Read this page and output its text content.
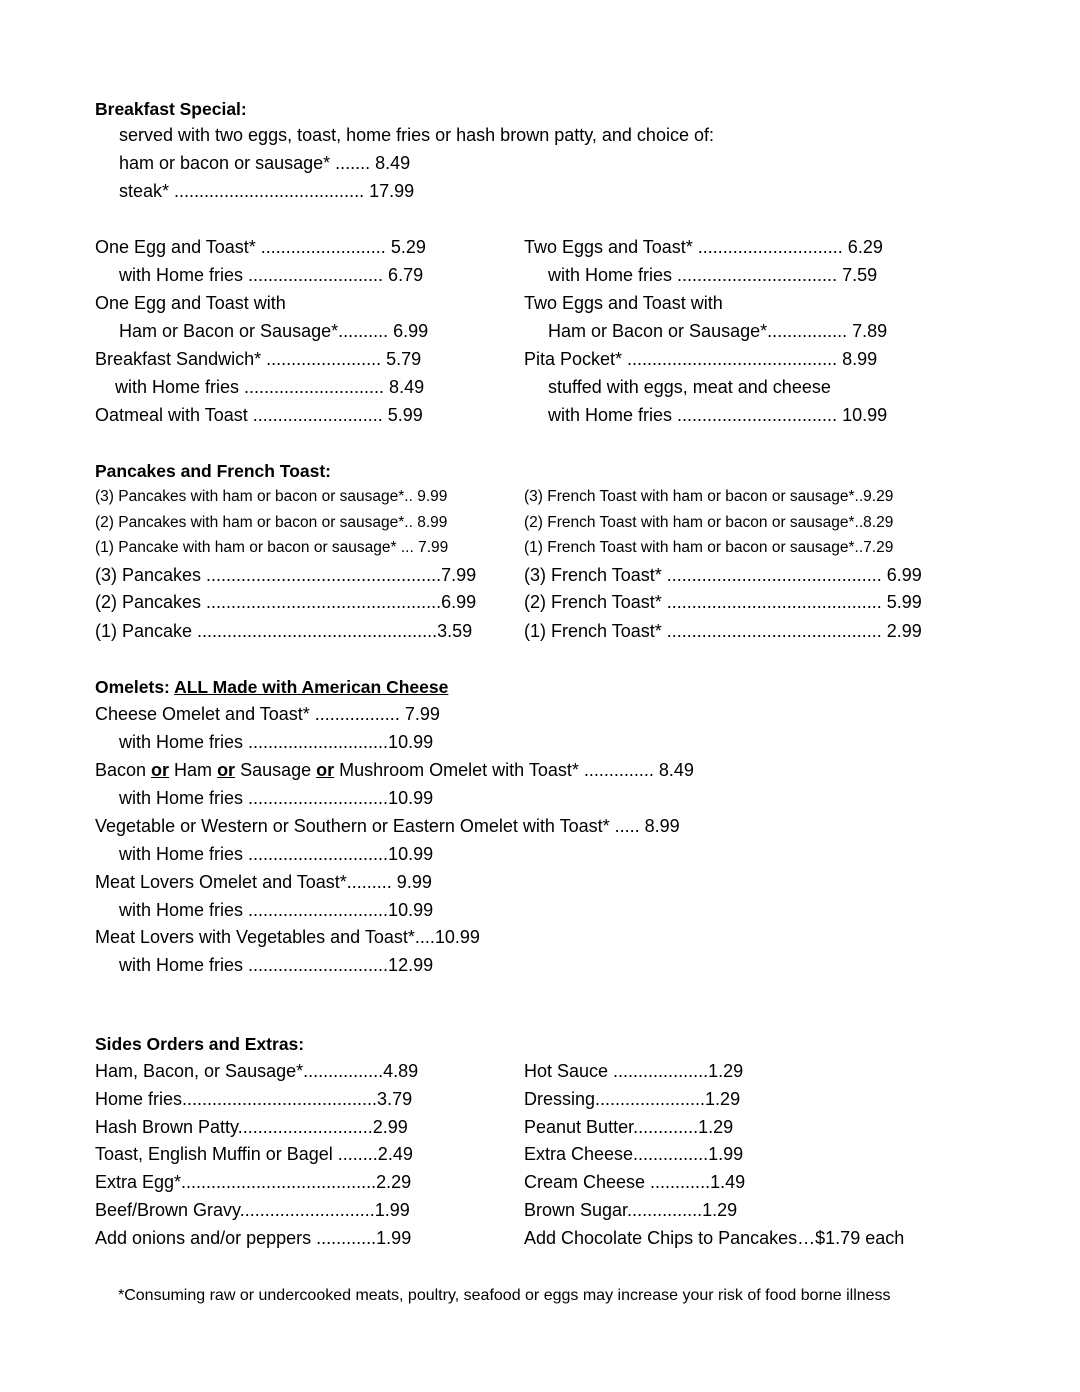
Breakfast Special:
served with two eggs, toast, home fries or hash brown patty, and choice of:
ham or bacon or sausage* ....... 8.49
steak* ...................................... 17.99
One Egg and Toast* ......................... 5.29
with Home fries ........................... 6.79
One Egg and Toast with
Ham or Bacon or Sausage*.......... 6.99
Breakfast Sandwich* ....................... 5.79
with Home fries ............................ 8.49
Oatmeal with Toast .......................... 5.99
Two Eggs and Toast* ............................. 6.29
with Home fries ................................ 7.59
Two Eggs and Toast with
Ham or Bacon or Sausage*................ 7.89
Pita Pocket* .......................................... 8.99
stuffed with eggs, meat and cheese
with Home fries ................................ 10.99
Pancakes and French Toast:
(3) Pancakes with ham or bacon or sausage*.. 9.99
(2) Pancakes with ham or bacon or sausage*.. 8.99
(1) Pancake with ham or bacon or sausage* ... 7.99
(3) Pancakes ...............................................7.99
(2) Pancakes ...............................................6.99
(1) Pancake ................................................3.59
(3) French Toast with ham or bacon or sausage*..9.29
(2) French Toast with ham or bacon or sausage*..8.29
(1) French Toast with ham or bacon or sausage*..7.29
(3) French Toast* ........................................... 6.99
(2) French Toast* ........................................... 5.99
(1) French Toast* ........................................... 2.99
Omelets: ALL Made with American Cheese
Cheese Omelet and Toast* ................. 7.99
with Home fries ............................10.99
Bacon or Ham or Sausage or Mushroom Omelet with Toast* .............. 8.49
with Home fries ............................10.99
Vegetable or Western or Southern or Eastern Omelet with Toast* ..... 8.99
with Home fries ............................10.99
Meat Lovers Omelet and Toast*......... 9.99
with Home fries ............................10.99
Meat Lovers with Vegetables and Toast*....10.99
with Home fries ............................12.99
Sides Orders and Extras:
Ham, Bacon, or Sausage*................4.89
Home fries.......................................3.79
Hash Brown Patty...........................2.99
Toast, English Muffin or Bagel ........2.49
Extra Egg*.......................................2.29
Beef/Brown Gravy...........................1.99
Add onions and/or peppers ............1.99
Hot Sauce ...................1.29
Dressing......................1.29
Peanut Butter.............1.29
Extra Cheese...............1.99
Cream Cheese ............1.49
Brown Sugar...............1.29
Add Chocolate Chips to Pancakes…$1.79 each
*Consuming raw or undercooked meats, poultry, seafood or eggs may increase your risk of food borne illness
